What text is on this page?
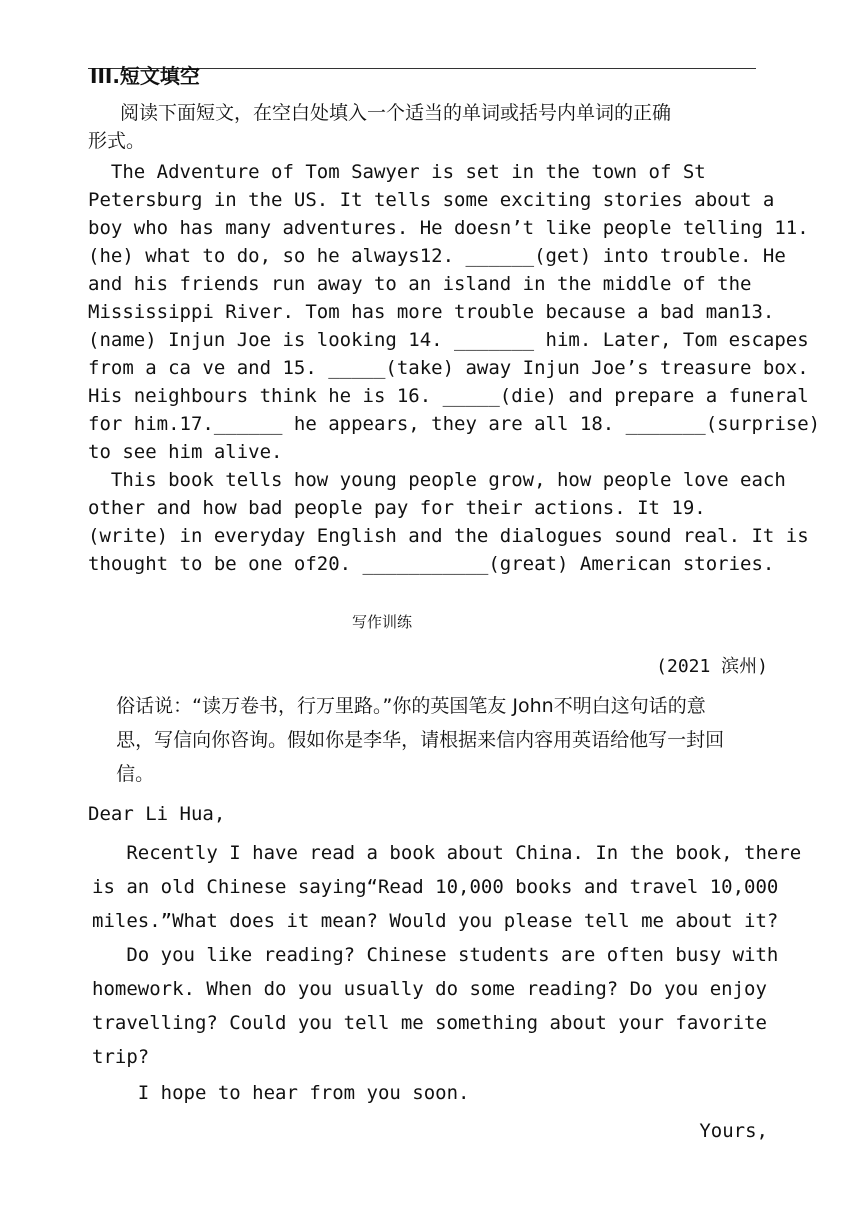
III.短文填空
阅读下面短文，在空白处填入一个适当的单词或括号内单词的正确
形式。
The Adventure of Tom Sawyer is set in the town of St
Petersburg in the US. It tells some exciting stories about a
boy who has many adventures. He doesn’t like people telling 11.
(he) what to do, so he always12. ______(get) into trouble. He
and his friends run away to an island in the middle of the
Mississippi River. Tom has more trouble because a bad man13.
(name) Injun Joe is looking 14. _______ him. Later, Tom escapes
from a ca ve and 15. _____(take) away Injun Joe’s treasure box.
His neighbours think he is 16. _____(die) and prepare a funeral
for him.17.______ he appears, they are all 18. _______(surprise)
to see him alive.
This book tells how young people grow, how people love each
other and how bad people pay for their actions. It 19.
(write) in everyday English and the dialogues sound real. It is
thought to be one of20. ___________(great) American stories.
写作训练
(2021 滨州)
俗话说：“读万卷书，行万里路。”你的英国笔友 John不明白这句话的意
思，写信向你咨询。假如你是李华，请根据来信内容用英语给他写一封回
信。
Dear Li Hua,
Recently I have read a book about China. In the book, there
is an old Chinese saying“Read 10,000 books and travel 10,000
miles.”What does it mean? Would you please tell me about it?
Do you like reading? Chinese students are often busy with
homework. When do you usually do some reading? Do you enjoy
travelling? Could you tell me something about your favorite
trip?
I hope to hear from you soon.
Yours,
